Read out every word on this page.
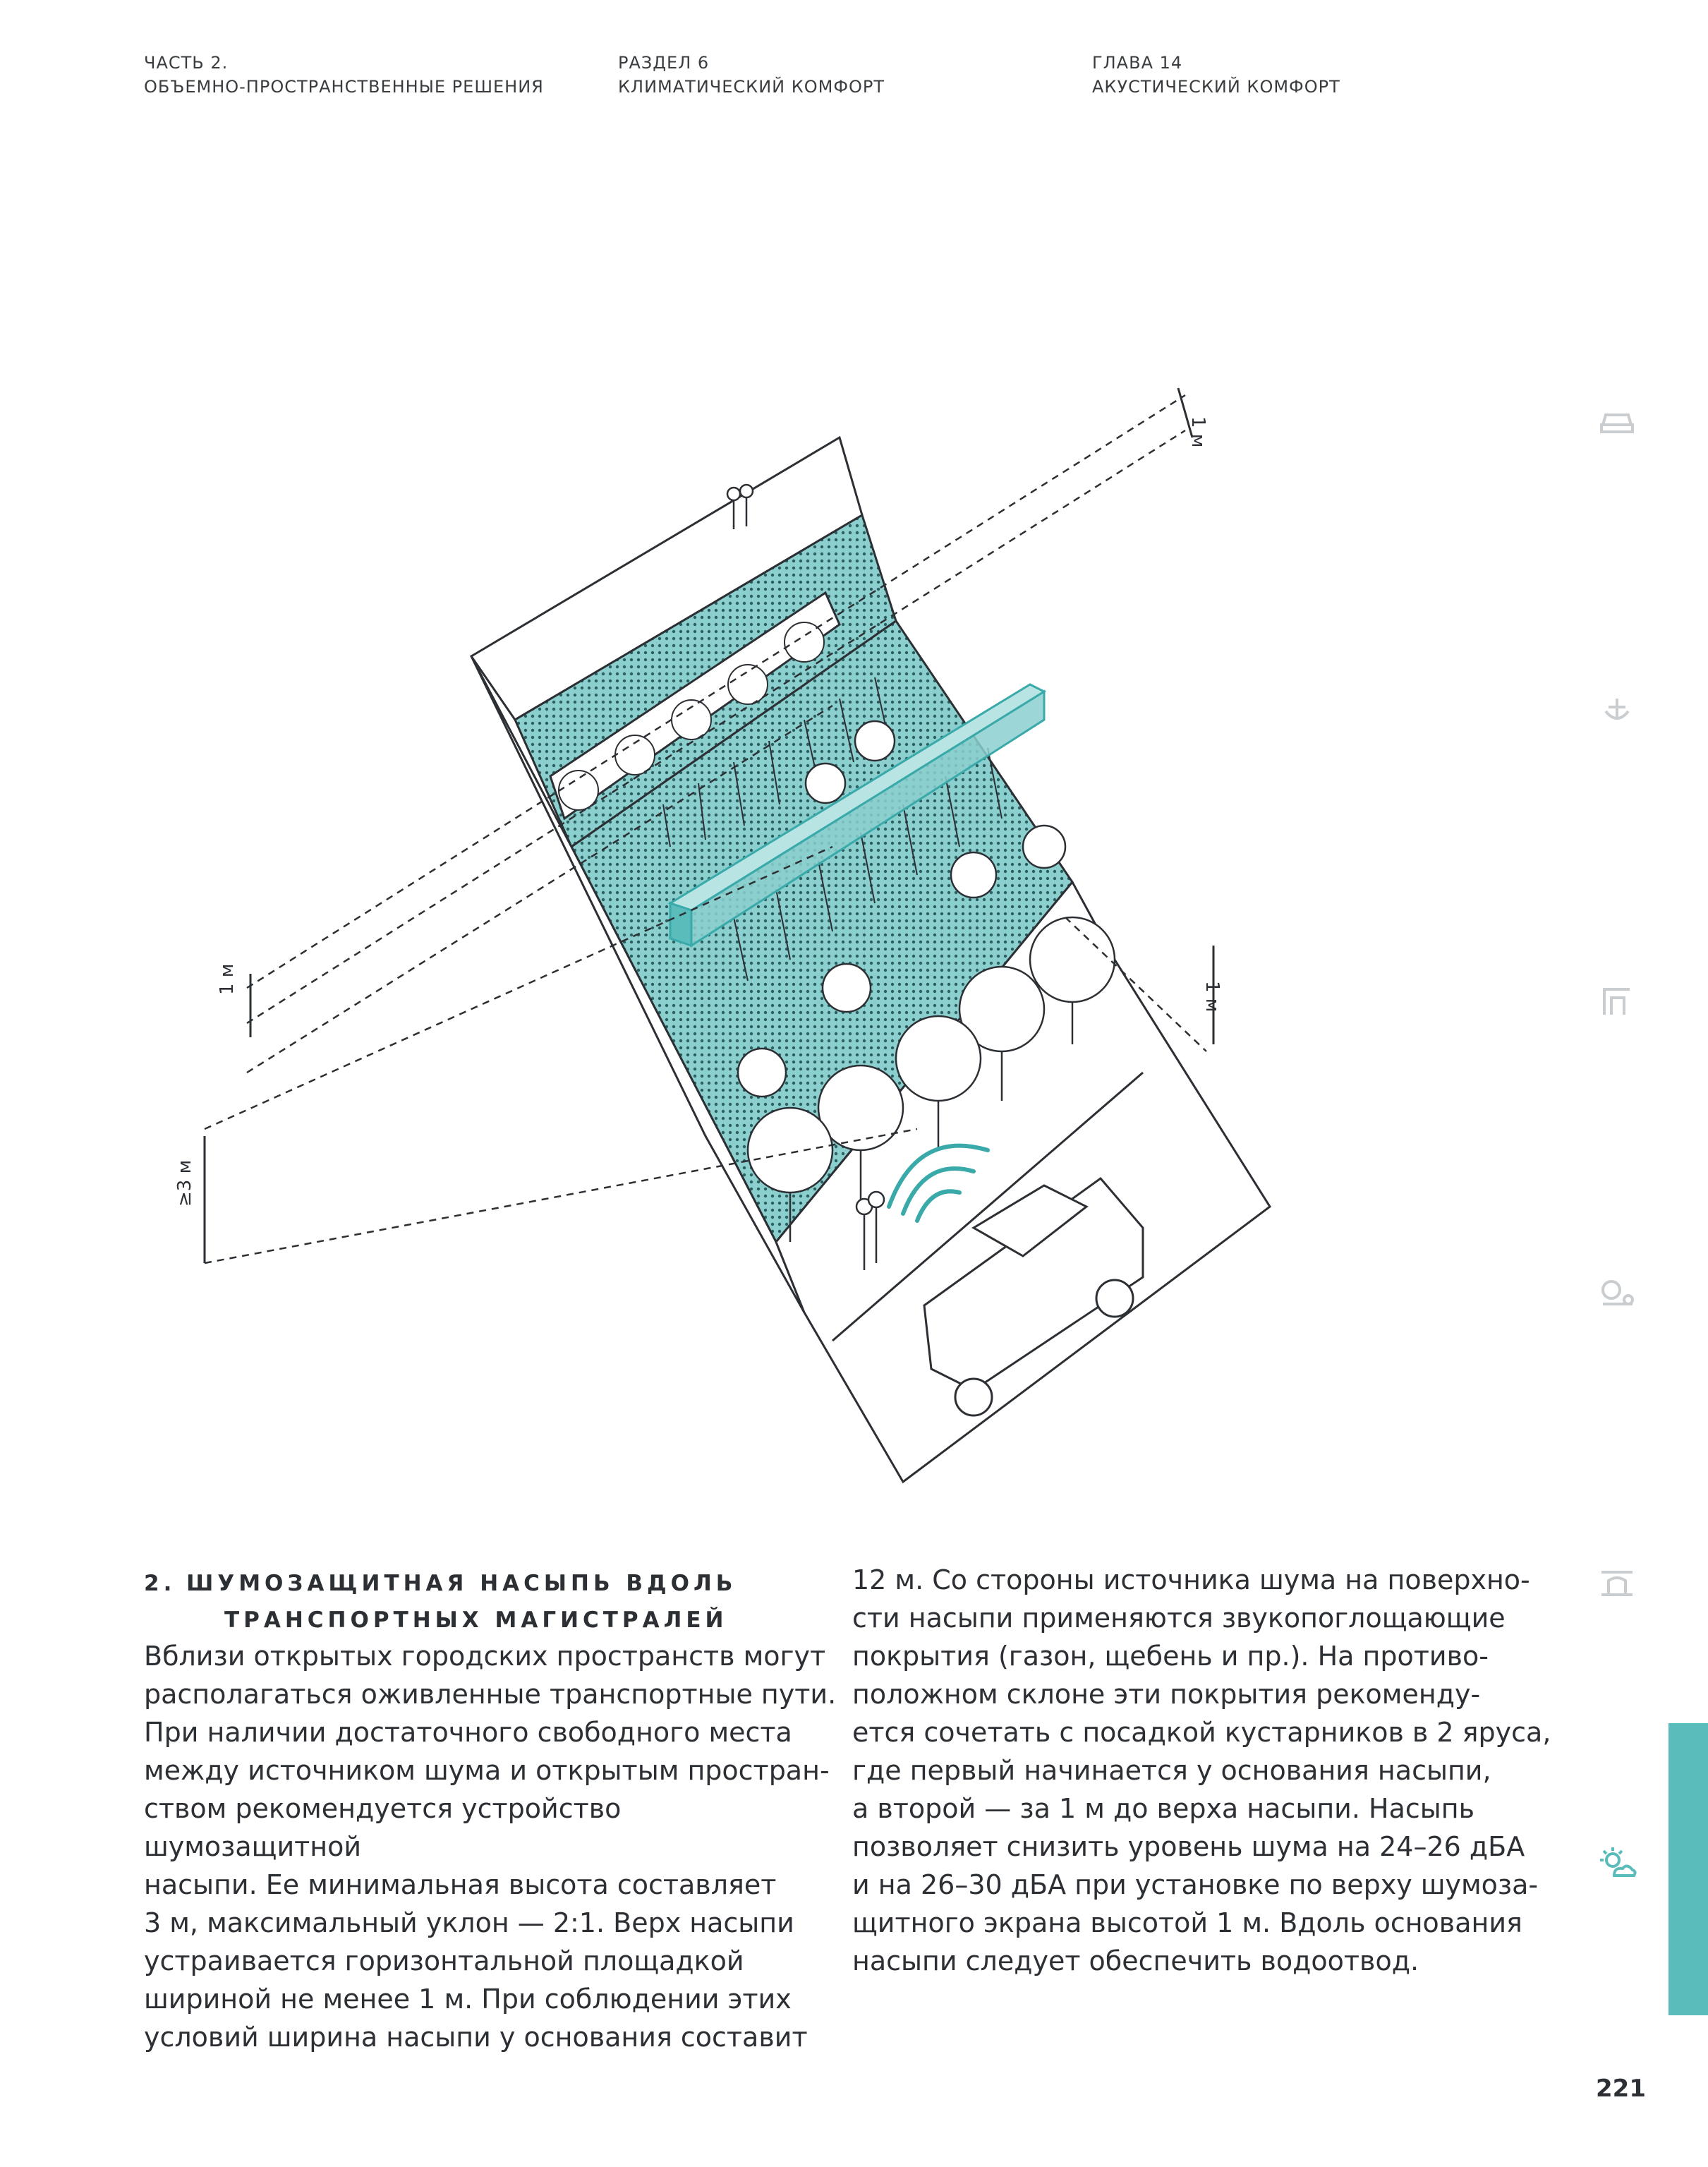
ЧАСТЬ 2.
ОБЪЕМНО-ПРОСТРАНСТВЕННЫЕ РЕШЕНИЯ
РАЗДЕЛ 6
КЛИМАТИЧЕСКИЙ КОМФОРТ
ГЛАВА 14
АКУСТИЧЕСКИЙ КОМФОРТ
1 м
1 м
1 м
≥3 м
2. ШУМОЗАЩИТНАЯ НАСЫПЬ ВДОЛЬ
ТРАНСПОРТНЫХ МАГИСТРАЛЕЙ

Вблизи открытых городских пространств могут
располагаться оживленные транспортные пути.
При наличии достаточного свободного места
между источником шума и открытым простран-
ством рекомендуется устройство шумозащитной
насыпи. Ее минимальная высота составляет
3 м, максимальный уклон — 2:1. Верх насыпи
устраивается горизонтальной площадкой
шириной не менее 1 м. При соблюдении этих
условий ширина насыпи у основания составит

12 м. Со стороны источника шума на поверхно-
сти насыпи применяются звукопоглощающие
покрытия (газон, щебень и пр.). На противо-
положном склоне эти покрытия рекоменду-
ется сочетать с посадкой кустарников в 2 яруса,
где первый начинается у основания насыпи,
а второй — за 1 м до верха насыпи. Насыпь
позволяет снизить уровень шума на 24–26 дБА
и на 26–30 дБА при установке по верху шумоза-
щитного экрана высотой 1 м. Вдоль основания
насыпи следует обеспечить водоотвод.

221
